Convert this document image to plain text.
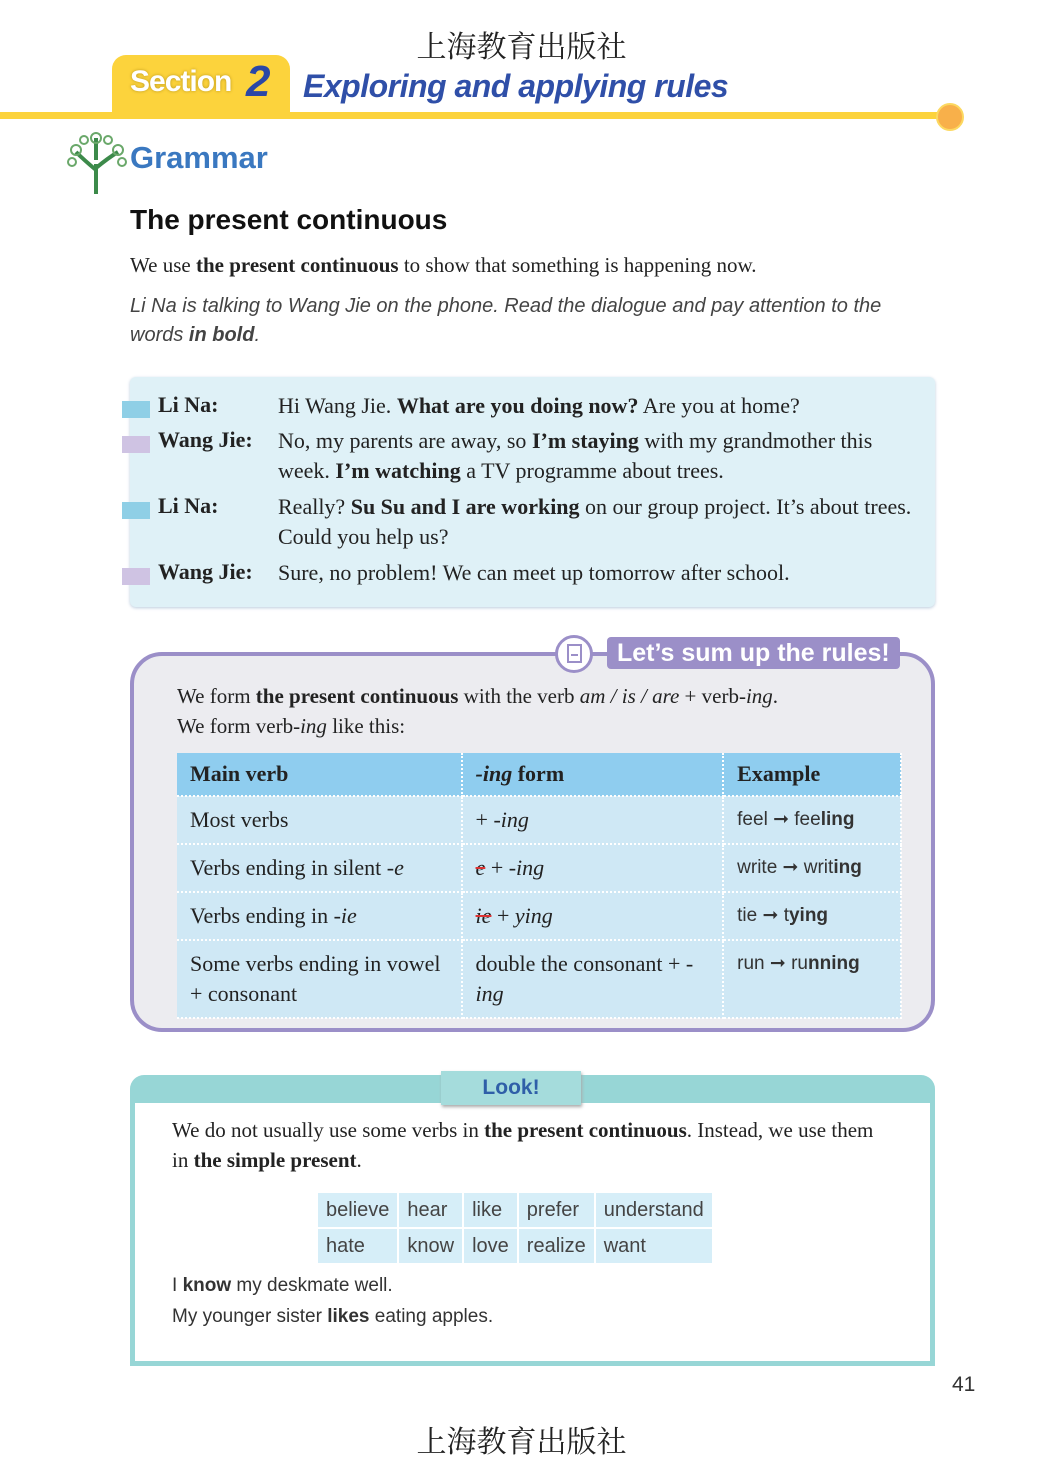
上海教育出版社
Section 2 Exploring and applying rules
Grammar
The present continuous
We use the present continuous to show that something is happening now.
Li Na is talking to Wang Jie on the phone. Read the dialogue and pay attention to the words in bold.
Li Na:	Hi Wang Jie. What are you doing now? Are you at home?
Wang Jie: No, my parents are away, so I’m staying with my grandmother this week. I’m watching a TV programme about trees.
Li Na:	Really? Su Su and I are working on our group project. It’s about trees. Could you help us?
Wang Jie: Sure, no problem! We can meet up tomorrow after school.
Let’s sum up the rules!
We form the present continuous with the verb am / is / are + verb-ing.
We form verb-ing like this:
Main verb	-ing form	Example
Most verbs	+ -ing	feel ➞ feeling
Verbs ending in silent -e	e + -ing	write ➞ writing
Verbs ending in -ie	ie + ying	tie ➞ tying
Some verbs ending in vowel + consonant	double the consonant + -ing	run ➞ running
Look!
We do not usually use some verbs in the present continuous. Instead, we use them in the simple present.
believe	hear	like	prefer	understand
hate	know	love	realize	want
I know my deskmate well.
My younger sister likes eating apples.
41
上海教育出版社
